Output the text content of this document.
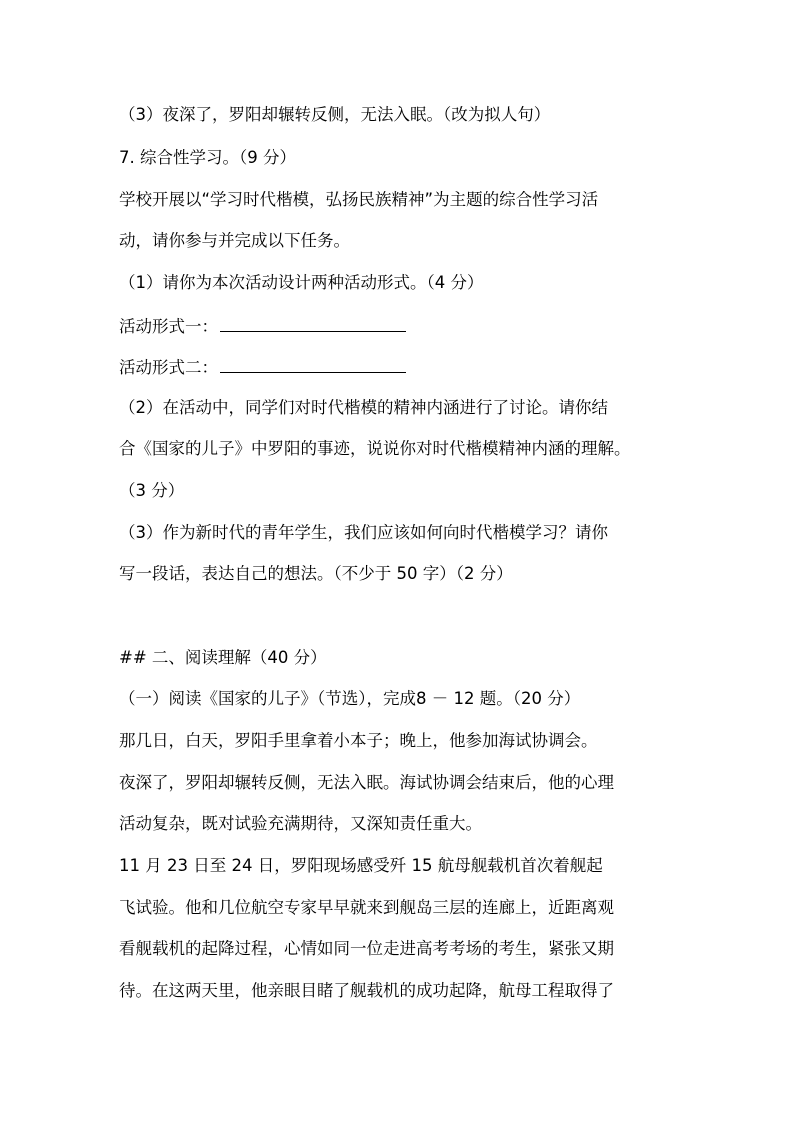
（3）夜深了，罗阳却辗转反侧，无法入眠。（改为拟人句）

7. 综合性学习。（9 分）

学校开展以“学习时代楷模，弘扬民族精神”为主题的综合性学习活

动，请你参与并完成以下任务。

（1）请你为本次活动设计两种活动形式。（4 分）

活动形式一：

活动形式二：

（2）在活动中，同学们对时代楷模的精神内涵进行了讨论。请你结

合《国家的儿子》中罗阳的事迹，说说你对时代楷模精神内涵的理解。

（3 分）

（3）作为新时代的青年学生，我们应该如何向时代楷模学习？请你

写一段话，表达自己的想法。（不少于 50 字）（2 分）

## 二、阅读理解（40 分）

（一）阅读《国家的儿子》（节选），完成8 － 12 题。（20 分）

那几日，白天，罗阳手里拿着小本子；晚上，他参加海试协调会。

夜深了，罗阳却辗转反侧，无法入眠。海试协调会结束后，他的心理

活动复杂，既对试验充满期待，又深知责任重大。

11 月 23 日至 24 日，罗阳现场感受歼 15 航母舰载机首次着舰起

飞试验。他和几位航空专家早早就来到舰岛三层的连廊上，近距离观

看舰载机的起降过程，心情如同一位走进高考考场的考生，紧张又期

待。在这两天里，他亲眼目睹了舰载机的成功起降，航母工程取得了
